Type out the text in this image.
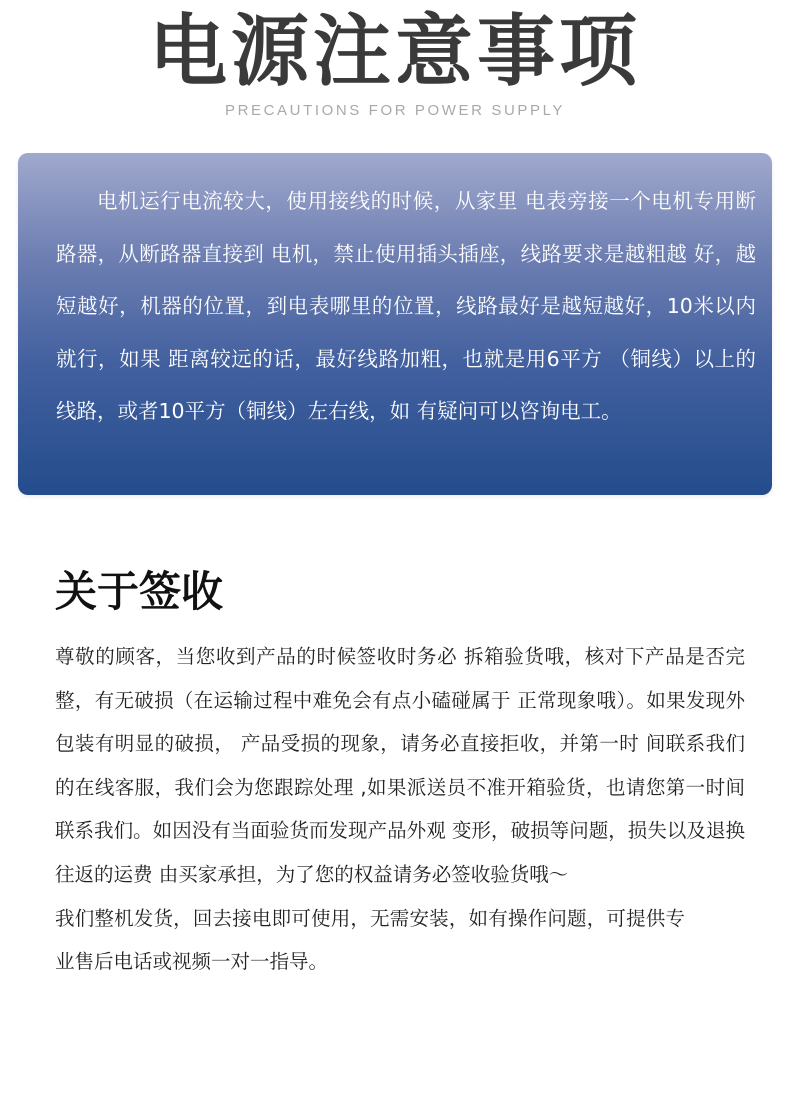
电源注意事项
PRECAUTIONS FOR POWER SUPPLY

电机运行电流较大，使用接线的时候，从家里 电表旁接一个电机专用断路器，从断路器直接到 电机，禁止使用插头插座，线路要求是越粗越 好，越短越好，机器的位置，到电表哪里的位置，线路最好是越短越好，10米以内就行，如果 距离较远的话，最好线路加粗，也就是用6平方 （铜线）以上的线路，或者10平方（铜线）左右线，如 有疑问可以咨询电工。

关于签收

尊敬的顾客，当您收到产品的时候签收时务必 拆箱验货哦，核对下产品是否完整，有无破损（在运输过程中难免会有点小磕碰属于 正常现象哦）。如果发现外包装有明显的破损， 产品受损的现象，请务必直接拒收，并第一时 间联系我们的在线客服，我们会为您跟踪处理 ,如果派送员不准开箱验货，也请您第一时间 联系我们。如因没有当面验货而发现产品外观 变形，破损等问题，损失以及退换往返的运费 由买家承担，为了您的权益请务必签收验货哦～

我们整机发货，回去接电即可使用，无需安装，如有操作问题，可提供专业售后电话或视频一对一指导。
